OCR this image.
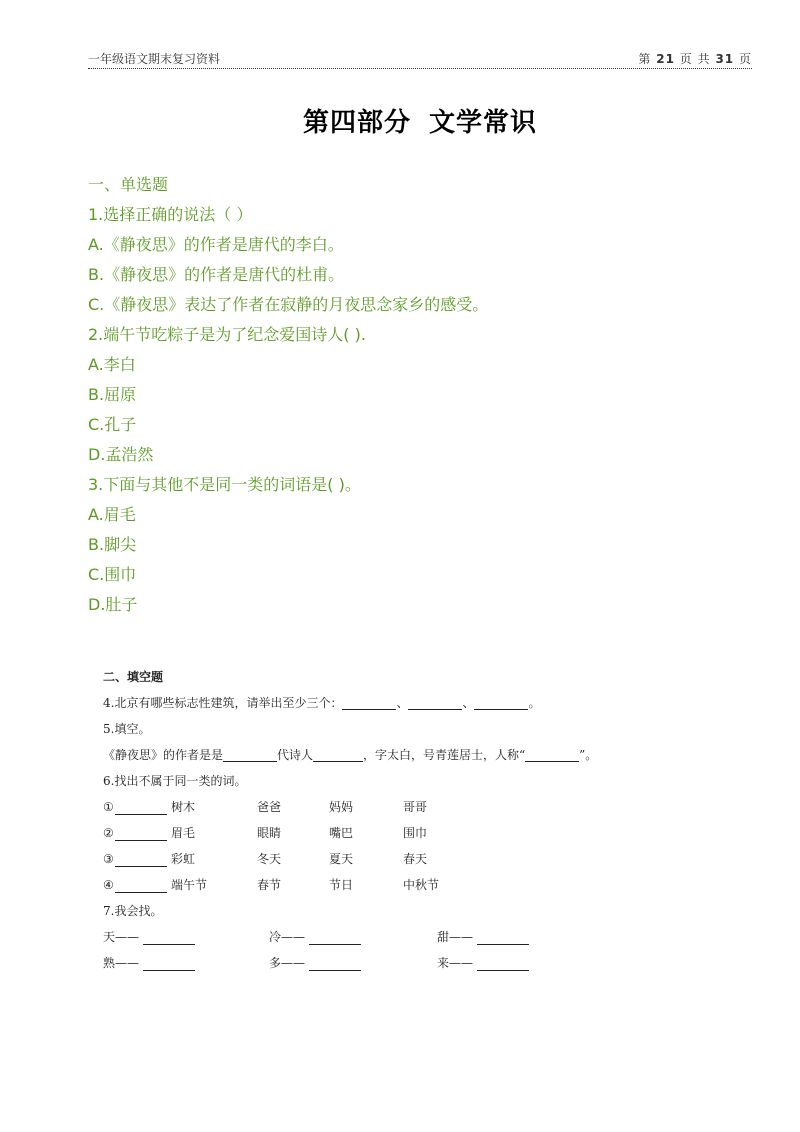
一年级语文期末复习资料	第 21 页 共 31 页
第四部分 文学常识
一、单选题
1.选择正确的说法（ ）
A.《静夜思》的作者是唐代的李白。
B.《静夜思》的作者是唐代的杜甫。
C.《静夜思》表达了作者在寂静的月夜思念家乡的感受。
2.端午节吃粽子是为了纪念爱国诗人( ).
A.李白
B.屈原
C.孔子
D.孟浩然
3.下面与其他不是同一类的词语是( )。
A.眉毛
B.脚尖
C.围巾
D.肚子
二、填空题
4.北京有哪些标志性建筑，请举出至少三个：	、	、	。
5.填空。
《静夜思》的作者是是	代诗人	，字太白，号青莲居士，人称“	”。
6.找出不属于同一类的词。
①	树木	爸爸	妈妈	哥哥
②	眉毛	眼睛	嘴巴	围巾
③	彩虹	冬天	夏天	春天
④	端午节	春节	节日	中秋节
7.我会找。
天——	冷——	甜——
熟——	多——	来——
